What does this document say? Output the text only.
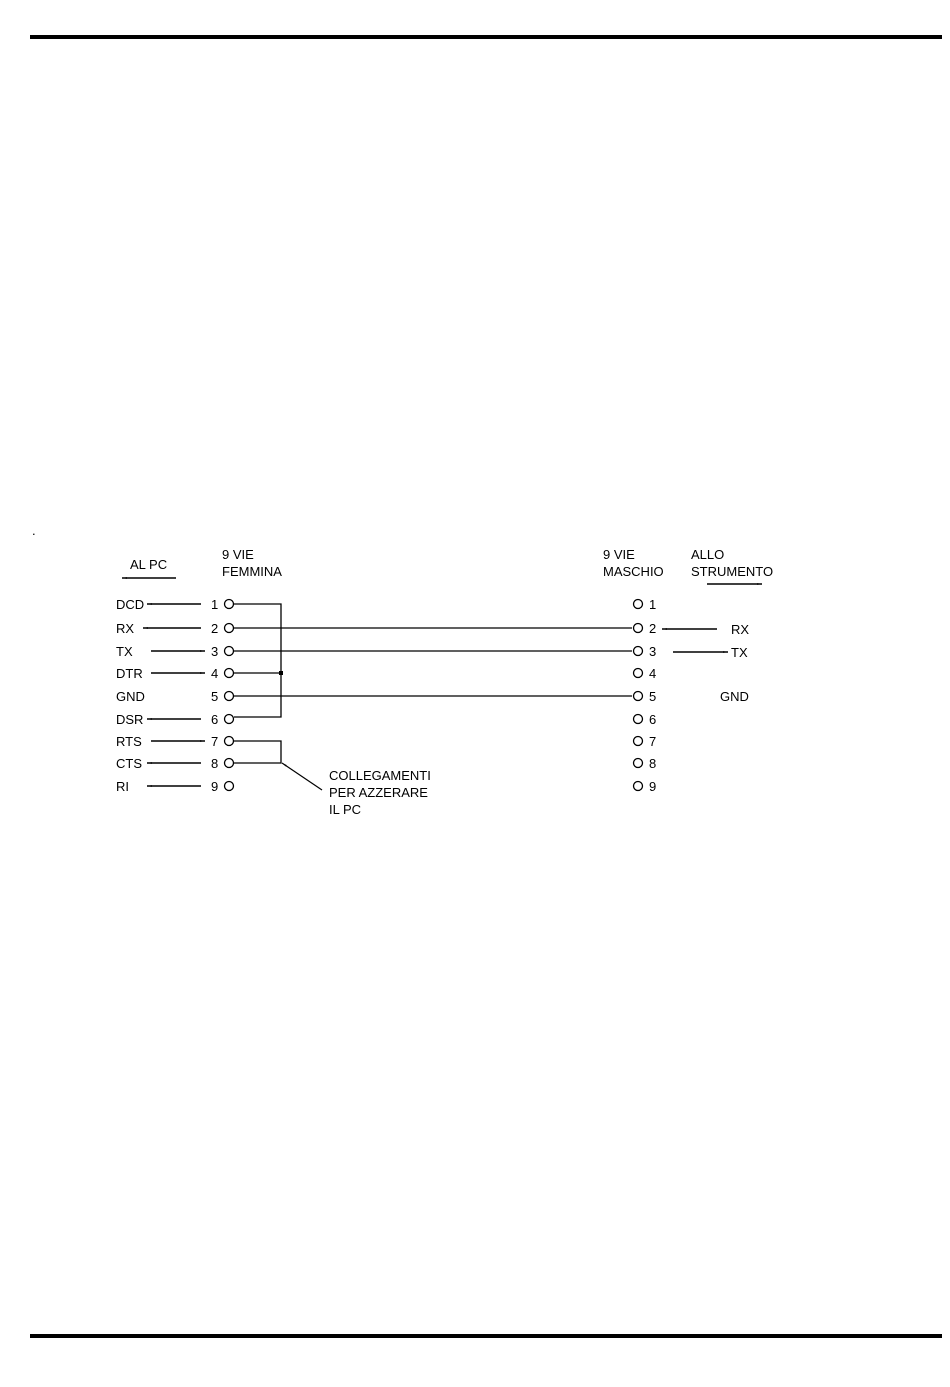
.
9 VIE
FEMMINA
9 VIE
MASCHIO
AL PC
ALLO
STRUMENTO
DCD
RX
TX
DTR
GND
DSR
RTS
CTS
RI
1
2
3
4
5
6
7
8
9
1
2
3
4
5
6
7
8
9
RX
TX
GND
COLLEGAMENTI
PER AZZERARE
IL PC
